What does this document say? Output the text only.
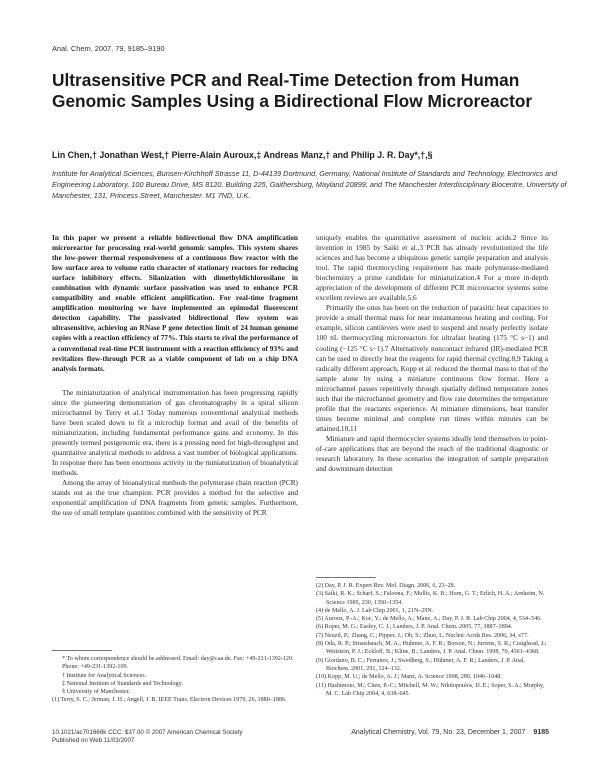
Anal. Chem. 2007, 79, 9185–9190
Ultrasensitive PCR and Real-Time Detection from Human Genomic Samples Using a Bidirectional Flow Microreactor
Lin Chen,† Jonathan West,† Pierre-Alain Auroux,‡ Andreas Manz,† and Philip J. R. Day*,†,§
Institute for Analytical Sciences, Bunsen-Kirchhoff Strasse 11, D-44139 Dortmund, Germany, National Institute of Standards and Technology, Electronics and Engineering Laboratory, 100 Bureau Drive, MS 8120, Building 225, Gaithersburg, Mayland 20899, and The Manchester Interdisciplinary Biocentre, University of Manchester, 131, Princess Street, Manchester. M1 7ND, U.K.

In this paper we present a reliable bidirectional flow DNA amplification microreactor for processing real-world genomic samples. This system shares the low-power thermal responsiveness of a continuous flow reactor with the low surface area to volume ratio character of stationary reactors for reducing surface inhibitory effects. Silanization with dimethyldichlorosilane in combination with dynamic surface passivation was used to enhance PCR compatibility and enable efficient amplification. For real-time fragment amplification monitoring we have implemented an epimodal fluorescent detection capability. The passivated bidirectional flow system was ultrasensitive, achieving an RNase P gene detection limit of 24 human genome copies with a reaction efficiency of 77%. This starts to rival the performance of a conventional real-time PCR instrument with a reaction efficiency of 93% and revitalizes flow-through PCR as a viable component of lab on a chip DNA analysis formats.

The miniaturization of analytical instrumentation has been progressing rapidly since the pioneering demonstration of gas chromatography in a spiral silicon microchannel by Terry et al.1 Today numerous conventional analytical methods have been scaled down to fit a microchip format and avail of the benefits of miniaturization, including fundamental performance gains and economy. In this presently termed postgenomic era, there is a pressing need for high-throughput and quantitative analytical methods to address a vast number of biological applications. In response there has been enormous activity in the miniaturization of bioanalytical methods.

Among the array of bioanalytical methods the polymerase chain reaction (PCR) stands out as the true champion. PCR provides a method for the selective and exponential amplification of DNA fragments from genetic samples. Furthermore, the use of small template quantities combined with the sensitivity of PCR

uniquely enables the quantitative assessment of nucleic acids.2 Since its invention in 1985 by Saiki et al.,3 PCR has already revolutionized the life sciences and has become a ubiquitous genetic sample preparation and analysis tool. The rapid thermocycling requirement has made polymerase-mediated biochemistry a prime candidate for miniaturization.4 For a more in-depth appreciation of the development of different PCR microreactor systems some excellent reviews are available.5,6

Primarily the onus has been on the reduction of parasitic heat capacities to provide a small thermal mass for near instantaneous heating and cooling. For example, silicon cantilevers were used to suspend and nearly perfectly isolate 100 nL thermocycling microreactors for ultrafast heating (175 °C s−1) and cooling (−125 °C s−1).7 Alternatively noncontact infrared (IR)-mediated PCR can be used to directly heat the reagents for rapid thermal cycling.8,9 Taking a radically different approach, Kopp et al. reduced the thermal mass to that of the sample alone by using a miniature continuous flow format. Here a microchannel passes repetitively through spatially defined temperature zones such that the microchannel geometry and flow rate determines the temperature profile that the reactants experience. At miniature dimensions, heat transfer times become minimal and complete run times within minutes can be attained.10,11

Miniature and rapid thermocycler systems ideally lend themselves to point-of-care applications that are beyond the reach of the traditional diagnostic or research laboratory. In these scenarios the integration of sample preparation and downstream detection

(2) Day, P. J. R. Expert Rev. Mol. Diagn. 2006, 6, 23–28.

(3) Saiki, R. K.; Scharf, S.; Faloona, F.; Mullis, K. B.; Horn, G. T.; Erlich, H. A.; Arnheim, N. Science 1985, 230, 1350–1354.

(4) de Mello, A. J. Lab Chip 2001, 1, 21N–29N.

(5) Auroux, P.-A.; Koc, Y.; de Mello, A.; Manz, A.; Day, P. J. R. Lab Chip 2004, 4, 534–546.

(6) Roper, M. G.; Easley, C. J.; Landers, J. P. Anal. Chem. 2005, 77, 3887–3894.

(7) Neuzil, P.; Zhang, C.; Pipper, J.; Oh, S.; Zhuo, L. Nucleic Acids Res. 2006, 34, e77.

(8) Oda, R. P.; Strausbauch, M. A.; Huhmer, A. F. R.; Borson, N.; Jurrens, S. R.; Craighead, J.; Wettstein, P. J.; Eckloff, B.; Kline, B.; Landers, J. P. Anal. Chem. 1998, 70, 4361–4368.

(9) Giordano, B. C.; Ferrance, J.; Swedberg, S.; Hühmer, A. F. R.; Landers, J. P. Anal. Biochem. 2001, 291, 124–132.

(10) Kopp, M. U.; de Mello, A. J.; Manz, A. Science 1998, 280, 1046–1048.

(11) Hashimoto, M.; Chen, P.-C.; Mitchell, M. W.; Nikitopoulos, D. E.; Soper, S. A.; Murphy, M. C. Lab Chip 2004, 4, 638–645.

* To whom correspondence should be addressed. Email: day@caa.de. Fax: +49-231-1392-120. Phone: +49-231-1392-109.

† Institute for Analytical Sciences.

‡ National Institute of Standards and Technology.

§ University of Manchester.

(1) Terry, S. C.; Jerman, J. H.; Angell, J. B. IEEE Trans. Electron Devices 1979, 26, 1880–1886.

10.1021/ac701668k CCC: $37.00 © 2007 American Chemical Society
Published on Web 11/03/2007
Analytical Chemistry, Vol. 79, No. 23, December 1, 2007 9185
